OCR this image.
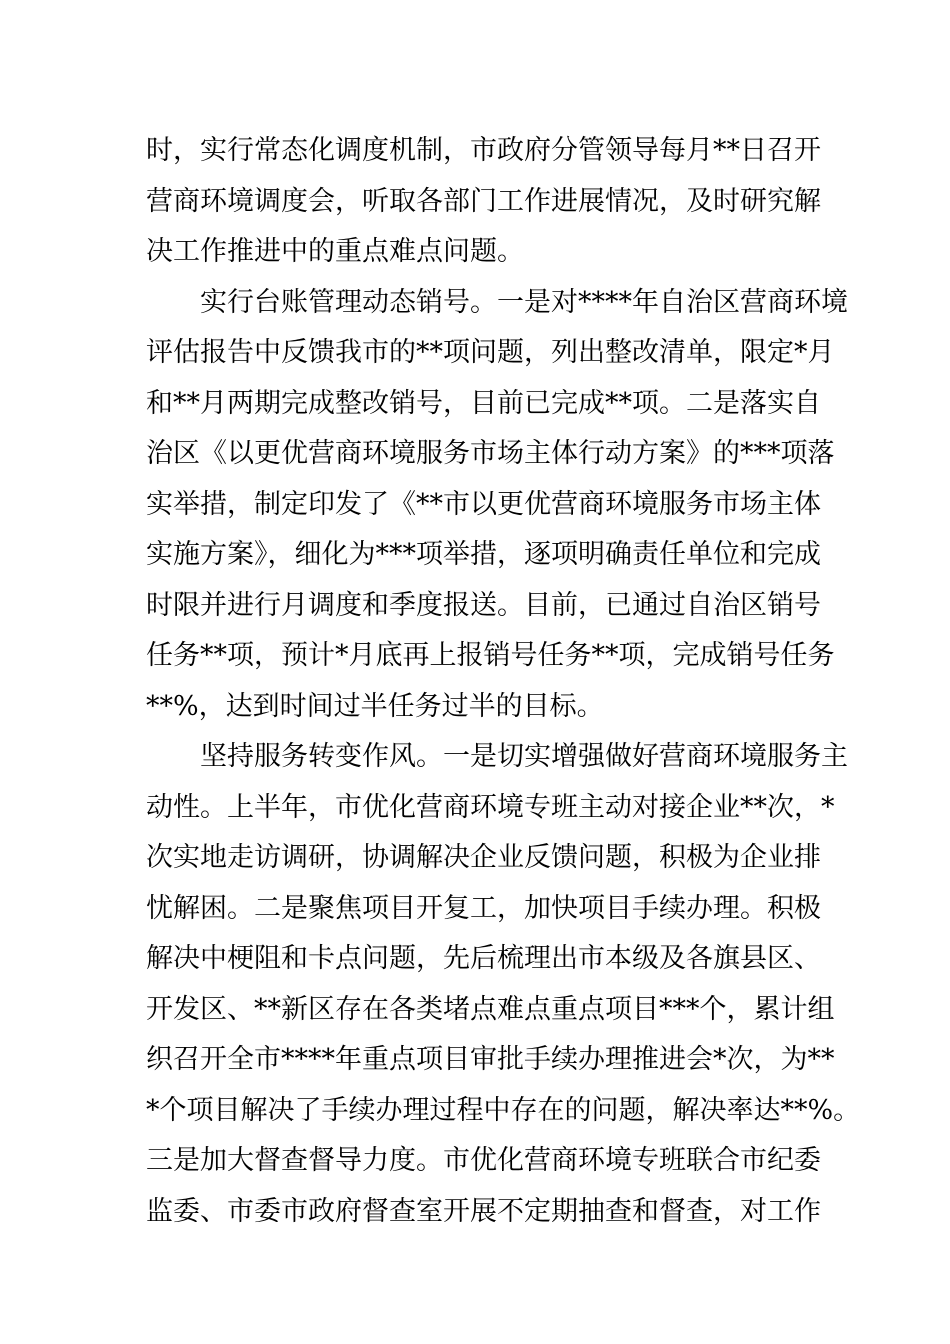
时，实行常态化调度机制，市政府分管领导每月**日召开
营商环境调度会，听取各部门工作进展情况，及时研究解
决工作推进中的重点难点问题。
　　实行台账管理动态销号。一是对****年自治区营商环境
评估报告中反馈我市的**项问题，列出整改清单，限定*月
和**月两期完成整改销号，目前已完成**项。二是落实自
治区《以更优营商环境服务市场主体行动方案》的***项落
实举措，制定印发了《**市以更优营商环境服务市场主体
实施方案》，细化为***项举措，逐项明确责任单位和完成
时限并进行月调度和季度报送。目前，已通过自治区销号
任务**项，预计*月底再上报销号任务**项，完成销号任务
**%，达到时间过半任务过半的目标。
　　坚持服务转变作风。一是切实增强做好营商环境服务主
动性。上半年，市优化营商环境专班主动对接企业**次，*
次实地走访调研，协调解决企业反馈问题，积极为企业排
忧解困。二是聚焦项目开复工，加快项目手续办理。积极
解决中梗阻和卡点问题，先后梳理出市本级及各旗县区、
开发区、**新区存在各类堵点难点重点项目***个，累计组
织召开全市****年重点项目审批手续办理推进会*次，为**
*个项目解决了手续办理过程中存在的问题，解决率达**%。
三是加大督查督导力度。市优化营商环境专班联合市纪委
监委、市委市政府督查室开展不定期抽查和督查，对工作
